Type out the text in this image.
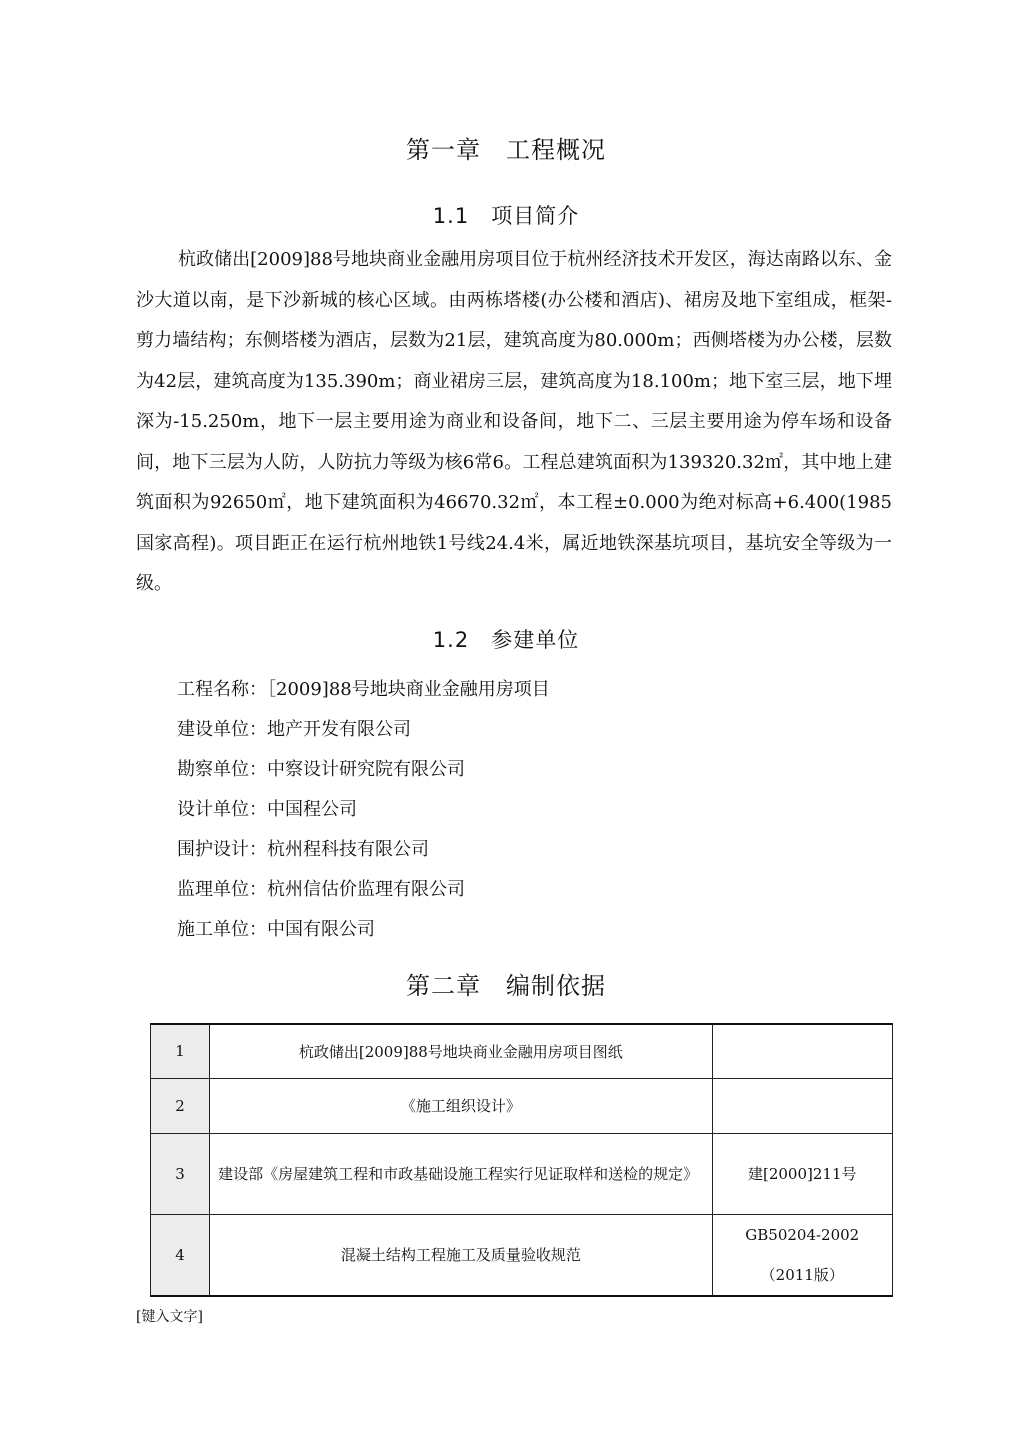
第一章　工程概况
1.1　项目简介

杭政储出[2009]88号地块商业金融用房项目位于杭州经济技术开发区，海达南路以东、金沙大道以南，是下沙新城的核心区域。由两栋塔楼(办公楼和酒店)、裙房及地下室组成，框架-剪力墙结构；东侧塔楼为酒店，层数为21层，建筑高度为80.000m；西侧塔楼为办公楼，层数为42层，建筑高度为135.390m；商业裙房三层，建筑高度为18.100m；地下室三层，地下埋深为-15.250m，地下一层主要用途为商业和设备间，地下二、三层主要用途为停车场和设备间，地下三层为人防，人防抗力等级为核6常6。工程总建筑面积为139320.32㎡，其中地上建筑面积为92650㎡，地下建筑面积为46670.32㎡，本工程±0.000为绝对标高+6.400(1985国家高程)。项目距正在运行杭州地铁1号线24.4米，属近地铁深基坑项目，基坑安全等级为一级。

1.2　参建单位
工程名称：［2009]88号地块商业金融用房项目
建设单位：地产开发有限公司
勘察单位：中察设计研究院有限公司
设计单位：中国程公司
围护设计：杭州程科技有限公司
监理单位：杭州信估价监理有限公司
施工单位：中国有限公司
第二章　编制依据
1	杭政储出[2009]88号地块商业金融用房项目图纸	
2	《施工组织设计》	
3	建设部《房屋建筑工程和市政基础设施工程实行见证取样和送检的规定》	建[2000]211号
4	混凝土结构工程施工及质量验收规范	GB50204-2002
（2011版）
[键入文字]
